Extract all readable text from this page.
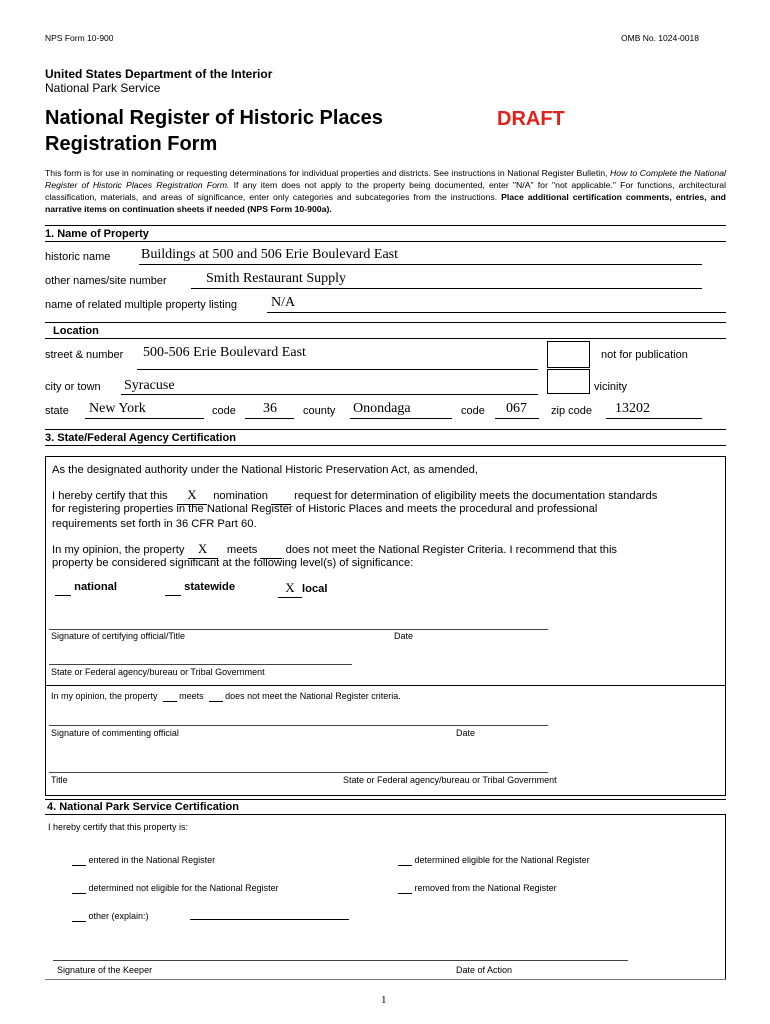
NPS Form 10-900	OMB No. 1024-0018
United States Department of the Interior
National Park Service
National Register of Historic Places
Registration Form
DRAFT
This form is for use in nominating or requesting determinations for individual properties and districts. See instructions in National Register Bulletin, How to Complete the National Register of Historic Places Registration Form. If any item does not apply to the property being documented, enter "N/A" for "not applicable." For functions, architectural classification, materials, and areas of significance, enter only categories and subcategories from the instructions. Place additional certification comments, entries, and narrative items on continuation sheets if needed (NPS Form 10-900a).
1. Name of Property
historic name Buildings at 500 and 506 Erie Boulevard East
other names/site number	Smith Restaurant Supply
name of related multiple property listing N/A
Location
street & number 500-506 Erie Boulevard East	not for publication
city or town Syracuse	vicinity
state New York	code 36 county Onondaga	code 067 zip code 13202
3. State/Federal Agency Certification
As the designated authority under the National Historic Preservation Act, as amended,
I hereby certify that this X nomination request for determination of eligibility meets the documentation standards
for registering properties in the National Register of Historic Places and meets the procedural and professional
requirements set forth in 36 CFR Part 60.
In my opinion, the property X meets	does not meet the National Register Criteria. I recommend that this
property be considered significant at the following level(s) of significance:
national	statewide	X local
Signature of certifying official/Title	Date
State or Federal agency/bureau or Tribal Government
In my opinion, the property meets does not meet the National Register criteria.
Signature of commenting official	Date
Title	State or Federal agency/bureau or Tribal Government
4. National Park Service Certification
I hereby certify that this property is:
entered in the National Register	determined eligible for the National Register
determined not eligible for the National Register	removed from the National Register
other (explain:)
Signature of the Keeper	Date of Action
1
